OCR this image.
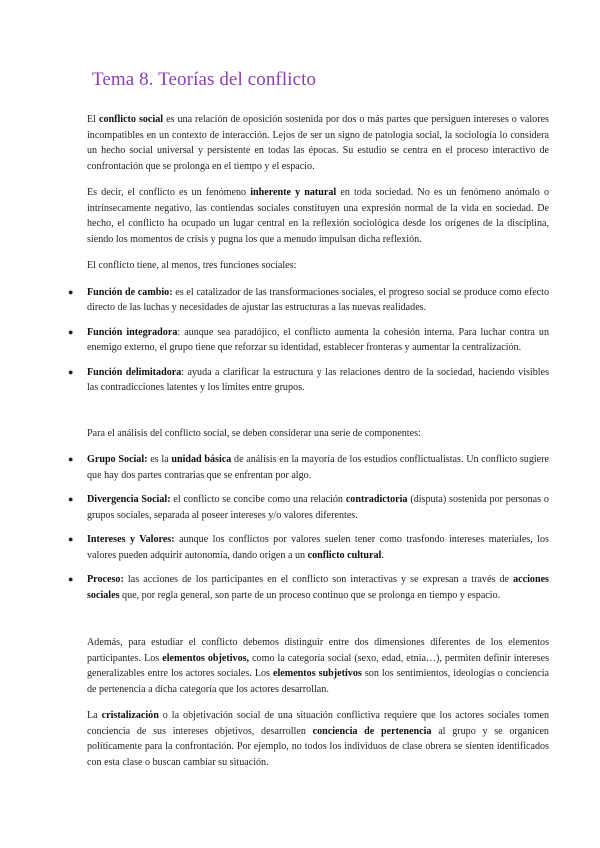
Tema 8. Teorías del conflicto

El conflicto social es una relación de oposición sostenida por dos o más partes que persiguen intereses o valores incompatibles en un contexto de interacción. Lejos de ser un signo de patología social, la sociología lo considera un hecho social universal y persistente en todas las épocas. Su estudio se centra en el proceso interactivo de confrontación que se prolonga en el tiempo y el espacio.

Es decir, el conflicto es un fenómeno inherente y natural en toda sociedad. No es un fenómeno anómalo o intrínsecamente negativo, las contiendas sociales constituyen una expresión normal de la vida en sociedad. De hecho, el conflicto ha ocupado un lugar central en la reflexión sociológica desde los orígenes de la disciplina, siendo los momentos de crisis y pugna los que a menudo impulsan dicha reflexión.

El conflicto tiene, al menos, tres funciones sociales:

● Función de cambio: es el catalizador de las transformaciones sociales, el progreso social se produce como efecto directo de las luchas y necesidades de ajustar las estructuras a las nuevas realidades.
● Función integradora: aunque sea paradójico, el conflicto aumenta la cohesión interna. Para luchar contra un enemigo externo, el grupo tiene que reforzar su identidad, establecer fronteras y aumentar la centralización.
● Función delimitadora: ayuda a clarificar la estructura y las relaciones dentro de la sociedad, haciendo visibles las contradicciones latentes y los límites entre grupos.

Para el análisis del conflicto social, se deben considerar una serie de componentes:

● Grupo Social: es la unidad básica de análisis en la mayoría de los estudios conflictualistas. Un conflicto sugiere que hay dos partes contrarias que se enfrentan por algo.
● Divergencia Social: el conflicto se concibe como una relación contradictoria (disputa) sostenida por personas o grupos sociales, separada al poseer intereses y/o valores diferentes.
● Intereses y Valores: aunque los conflictos por valores suelen tener como trasfondo intereses materiales, los valores pueden adquirir autonomía, dando origen a un conflicto cultural.
● Proceso: las acciones de los participantes en el conflicto son interactivas y se expresan a través de acciones sociales que, por regla general, son parte de un proceso continuo que se prolonga en tiempo y espacio.

Además, para estudiar el conflicto debemos distinguir entre dos dimensiones diferentes de los elementos participantes. Los elementos objetivos, como la categoría social (sexo, edad, etnia…), permiten definir intereses generalizables entre los actores sociales. Los elementos subjetivos son los sentimientos, ideologías o conciencia de pertenencia a dicha categoría que los actores desarrollan.

La cristalización o la objetivación social de una situación conflictiva requiere que los actores sociales tomen conciencia de sus intereses objetivos, desarrollen conciencia de pertenencia al grupo y se organicen políticamente para la confrontación. Por ejemplo, no todos los individuos de clase obrera se sienten identificados con esta clase o buscan cambiar su situación.
